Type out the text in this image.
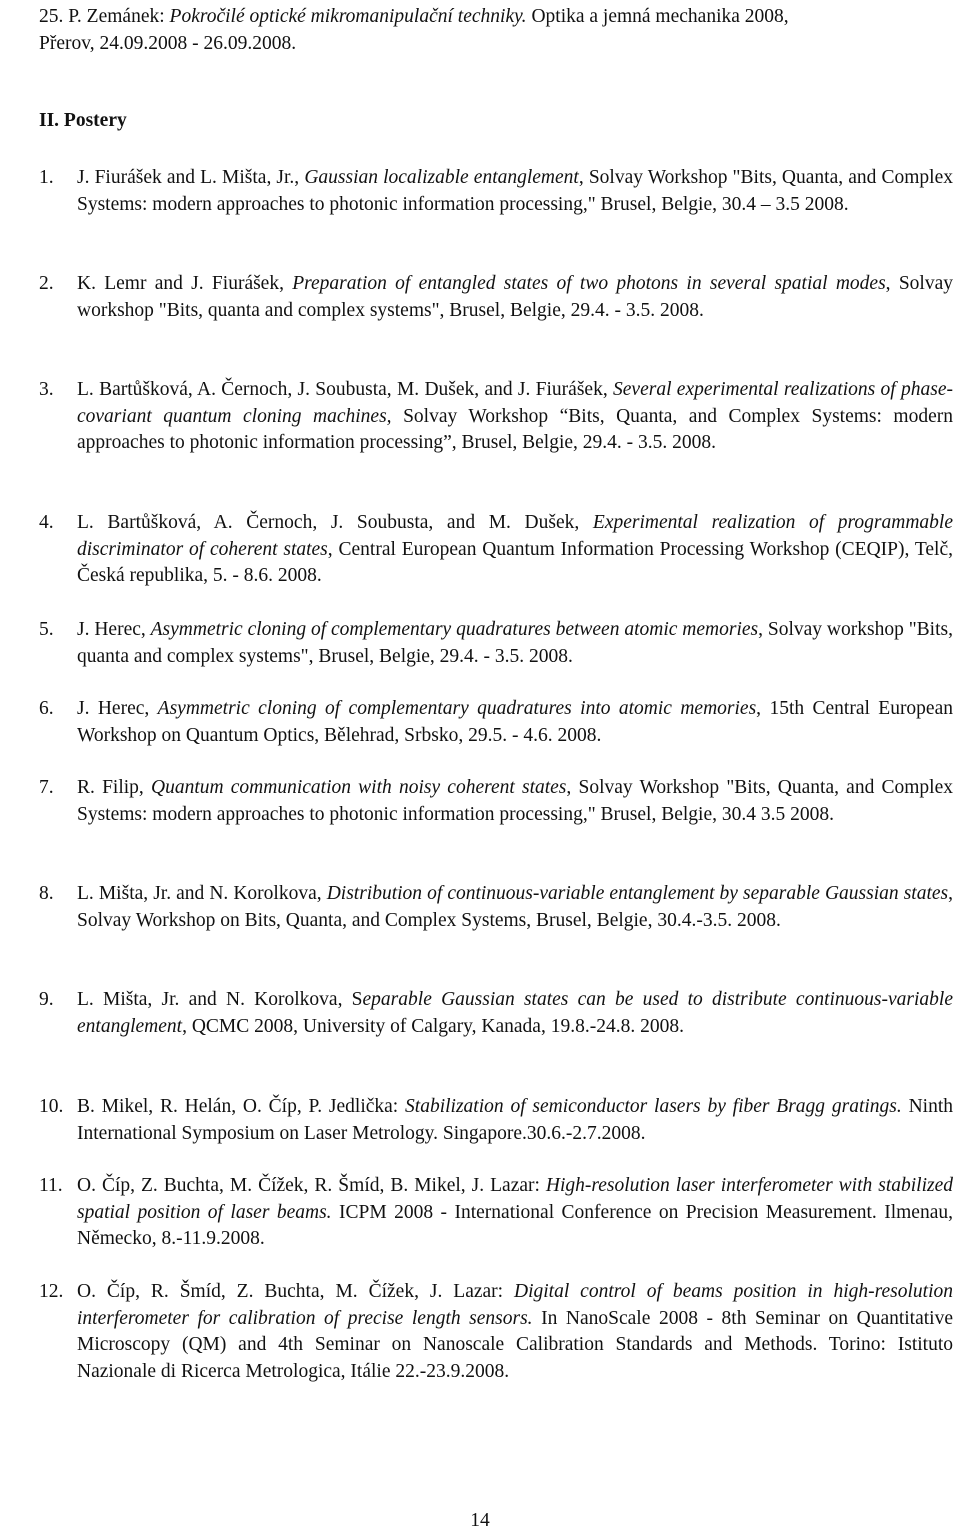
25. P. Zemánek: Pokročilé optické mikromanipulační techniky. Optika a jemná mechanika 2008,
Přerov, 24.09.2008 - 26.09.2008.
II. Postery
1. J. Fiurášek and L. Mišta, Jr., Gaussian localizable entanglement, Solvay Workshop "Bits, Quanta, and Complex Systems: modern approaches to photonic information processing," Brusel, Belgie, 30.4 – 3.5 2008.
2. K. Lemr and J. Fiurášek, Preparation of entangled states of two photons in several spatial modes, Solvay workshop "Bits, quanta and complex systems", Brusel, Belgie, 29.4. - 3.5. 2008.
3. L. Bartůšková, A. Černoch, J. Soubusta, M. Dušek, and J. Fiurášek, Several experimental realizations of phase-covariant quantum cloning machines, Solvay Workshop “Bits, Quanta, and Complex Systems: modern approaches to photonic information processing”, Brusel, Belgie, 29.4. - 3.5. 2008.
4. L. Bartůšková, A. Černoch, J. Soubusta, and M. Dušek, Experimental realization of programmable discriminator of coherent states, Central European Quantum Information Processing Workshop (CEQIP), Telč, Česká republika, 5. - 8.6. 2008.
5. J. Herec, Asymmetric cloning of complementary quadratures between atomic memories, Solvay workshop "Bits, quanta and complex systems", Brusel, Belgie, 29.4. - 3.5. 2008.
6. J. Herec, Asymmetric cloning of complementary quadratures into atomic memories, 15th Central European Workshop on Quantum Optics, Bělehrad, Srbsko, 29.5. - 4.6. 2008.
7. R. Filip, Quantum communication with noisy coherent states, Solvay Workshop "Bits, Quanta, and Complex Systems: modern approaches to photonic information processing," Brusel, Belgie, 30.4 3.5 2008.
8. L. Mišta, Jr. and N. Korolkova, Distribution of continuous-variable entanglement by separable Gaussian states, Solvay Workshop on Bits, Quanta, and Complex Systems, Brusel, Belgie, 30.4.-3.5. 2008.
9. L. Mišta, Jr. and N. Korolkova, Separable Gaussian states can be used to distribute continuous-variable entanglement, QCMC 2008, University of Calgary, Kanada, 19.8.-24.8. 2008.
10. B. Mikel, R. Helán, O. Číp, P. Jedlička: Stabilization of semiconductor lasers by fiber Bragg gratings. Ninth International Symposium on Laser Metrology. Singapore.30.6.-2.7.2008.
11. O. Číp, Z. Buchta, M. Čížek, R. Šmíd, B. Mikel, J. Lazar: High-resolution laser interferometer with stabilized spatial position of laser beams. ICPM 2008 - International Conference on Precision Measurement. Ilmenau, Německo, 8.-11.9.2008.
12. O. Číp, R. Šmíd, Z. Buchta, M. Čížek, J. Lazar: Digital control of beams position in high-resolution interferometer for calibration of precise length sensors. In NanoScale 2008 - 8th Seminar on Quantitative Microscopy (QM) and 4th Seminar on Nanoscale Calibration Standards and Methods. Torino: Istituto Nazionale di Ricerca Metrologica, Itálie 22.-23.9.2008.
14
